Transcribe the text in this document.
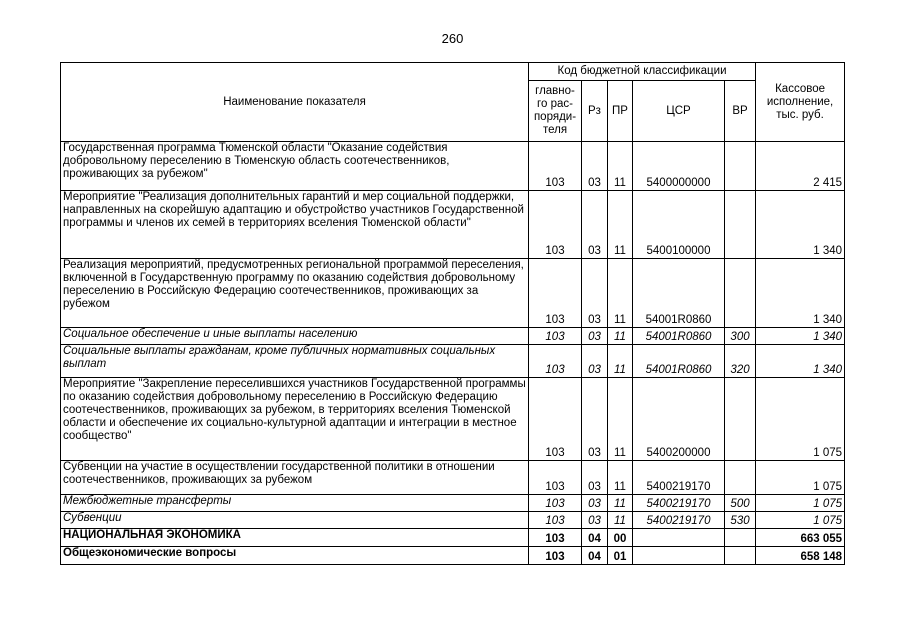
260
Наименование показателя	Код бюджетной классификации					Кассовое исполнение, тыс. руб.
	главно-го рас-поряди-теля	Рз	ПР	ЦСР	ВР	
Государственная программа Тюменской области "Оказание содействия добровольному переселению в Тюменскую область соотечественников, проживающих за рубежом"	103	03	11	5400000000		2 415
Мероприятие "Реализация дополнительных гарантий и мер социальной поддержки, направленных на скорейшую адаптацию и обустройство участников Государственной программы и членов их семей в территориях вселения Тюменской области"	103	03	11	5400100000		1 340
Реализация мероприятий, предусмотренных региональной программой переселения, включенной в Государственную программу по оказанию содействия добровольному переселению в Российскую Федерацию соотечественников, проживающих за рубежом	103	03	11	54001R0860		1 340
Социальное обеспечение и иные выплаты населению	103	03	11	54001R0860	300	1 340
Социальные выплаты гражданам, кроме публичных нормативных социальных выплат	103	03	11	54001R0860	320	1 340
Мероприятие "Закрепление переселившихся участников Государственной программы по оказанию содействия добровольному переселению в Российскую Федерацию соотечественников, проживающих за рубежом, в территориях вселения Тюменской области и обеспечение их социально-культурной адаптации и интеграции в местное сообщество"	103	03	11	5400200000		1 075
Субвенции на участие в осуществлении государственной политики в отношении соотечественников, проживающих за рубежом	103	03	11	5400219170		1 075
Межбюджетные трансферты	103	03	11	5400219170	500	1 075
Субвенции	103	03	11	5400219170	530	1 075
НАЦИОНАЛЬНАЯ ЭКОНОМИКА	103	04	00			663 055
Общеэкономические вопросы	103	04	01			658 148
